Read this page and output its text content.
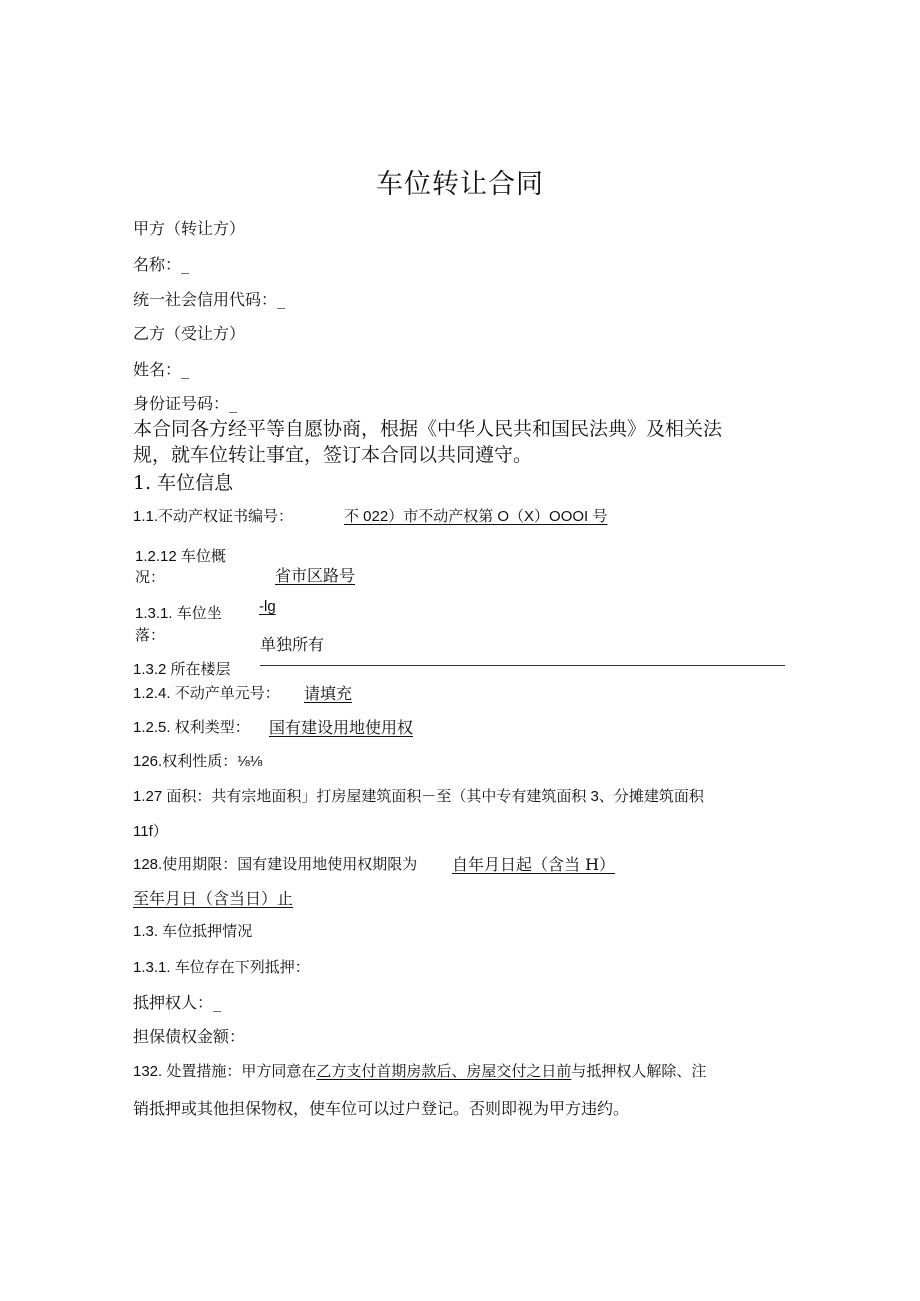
车位转让合同
甲方（转让方）
名称：_
统一社会信用代码：_
乙方（受让方）
姓名：_
身份证号码：_
本合同各方经平等自愿协商，根据《中华人民共和国民法典》及相关法
规，就车位转让事宜，签订本合同以共同遵守。
1. 车位信息
1.1.不动产权证书编号：	不 022）市不动产权第 O（X）OOOI 号
1.2.12 车位概
况：	省市区路号
1.3.1. 车位坐
落：
-lg
单独所有
1.3.2 所在楼层
1.2.4. 不动产单元号： 请填充
1.2.5. 权利类型： 国有建设用地使用权
126.权利性质：⅛⅛
1.27 面积：共有宗地面积」打房屋建筑面积－至（其中专有建筑面积 3、分摊建筑面积
11f）
128.使用期限：国有建设用地使用权期限为 自年月日起（含当 H）
至年月日（含当日）止
1.3. 车位抵押情况
1.3.1. 车位存在下列抵押：
抵押权人：_
担保债权金额：
132. 处置措施：甲方同意在乙方支付首期房款后、房屋交付之日前与抵押权人解除、注
销抵押或其他担保物权，使车位可以过户登记。否则即视为甲方违约。
